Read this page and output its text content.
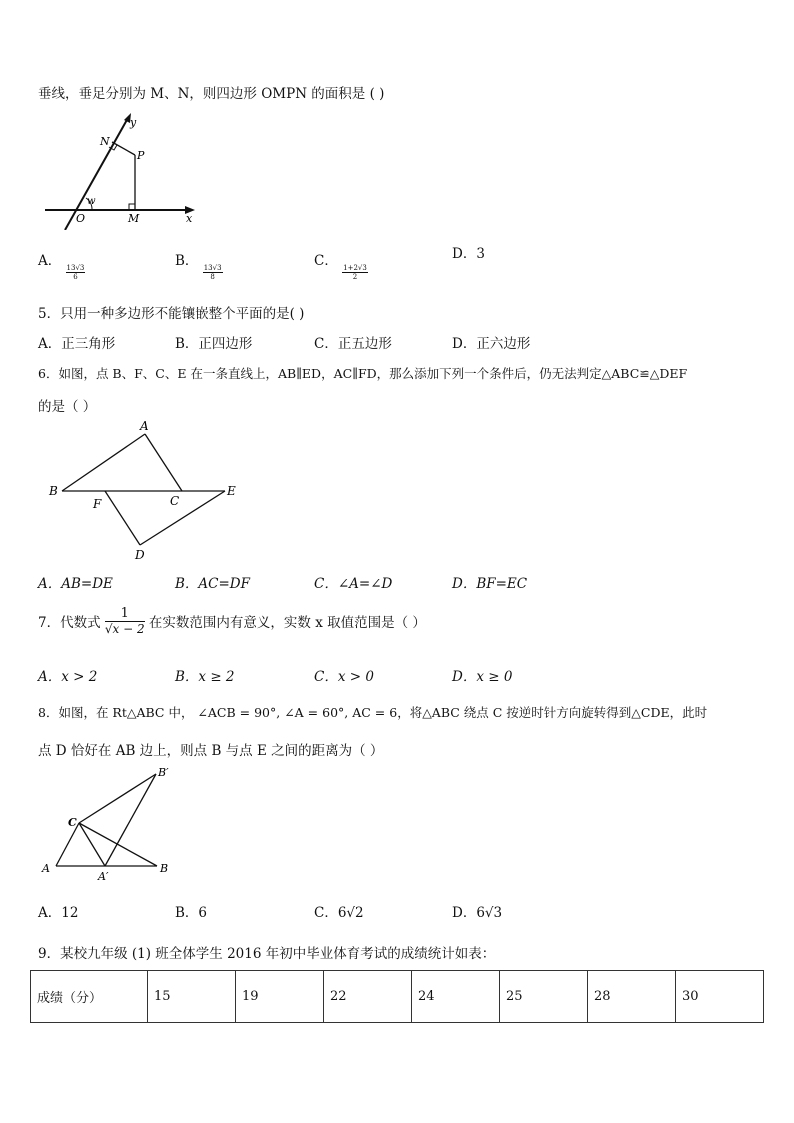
垂线，垂足分别为 M、N，则四边形 OMPN 的面积是 ( )
y
N
P
w
O	M	x
A．
$\frac{13√3}{6}$
B．
$\frac{13√3}{8}$
C．
$\frac{1+2√3}{2}$
D．3
5．只用一种多边形不能镶嵌整个平面的是( )
A．正三角形	B．正四边形	C．正五边形	D．正六边形
6．如图，点 B、F、C、E 在一条直线上，AB∥ED，AC∥FD，那么添加下列一个条件后，仍无法判定△ABC≌△DEF
的是（ ）
A
B
F	C
E
D
A．AB=DE	B．AC=DF	C．∠A=∠D	D．BF=EC
7．代数式 $\frac{1}{√x - 2}$ 在实数范围内有意义，实数 x 取值范围是（ ）
A．x > 2	B．x ≥ 2	C．x > 0	D．x ≥ 0
8．如图，在 Rt△ABC 中， ∠ACB = 90°, ∠A = 60°, AC = 6，将△ABC 绕点 C 按逆时针方向旋转得到△CDE，此时
点 D 恰好在 AB 边上，则点 B 与点 E 之间的距离为（ ）
B′
C
A
A′
B
A．12	B．6	C．6√2	D．6√3
9．某校九年级 (1) 班全体学生 2016 年初中毕业体育考试的成绩统计如表：
成绩（分）	15	19	22	24	25	28	30
